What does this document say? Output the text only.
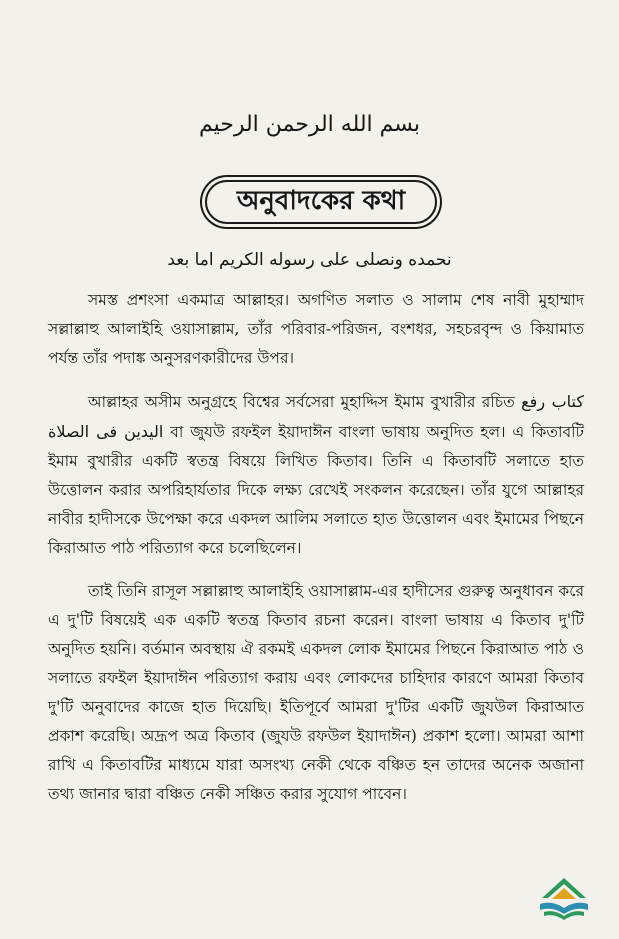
بسم الله الرحمن الرحيم
অনুবাদকের কথা
نحمده ونصلى على رسوله الكريم اما بعد

সমস্ত প্রশংসা একমাত্র আল্লাহর। অগণিত সলাত ও সালাম শেষ নাবী মুহাম্মাদ সল্লাল্লাহু আলাইহি ওয়াসাল্লাম, তাঁর পরিবার-পরিজন, বংশধর, সহচরবৃন্দ ও কিয়ামাত পর্যন্ত তাঁর পদাঙ্ক অনুসরণকারীদের উপর।

আল্লাহর অসীম অনুগ্রহে বিশ্বের সর্বসেরা মুহাদ্দিস ইমাম বুখারীর রচিত كتاب رفع اليدين فى الصلاة বা জুযউ রফইল ইয়াদাঈন বাংলা ভাষায় অনুদিত হল। এ কিতাবটি ইমাম বুখারীর একটি স্বতন্ত্র বিষয়ে লিখিত কিতাব। তিনি এ কিতাবটি সলাতে হাত উত্তোলন করার অপরিহার্যতার দিকে লক্ষ্য রেখেই সংকলন করেছেন। তাঁর যুগে আল্লাহর নাবীর হাদীসকে উপেক্ষা করে একদল আলিম সলাতে হাত উত্তোলন এবং ইমামের পিছনে কিরাআত পাঠ পরিত্যাগ করে চলেছিলেন।

তাই তিনি রাসূল সল্লাল্লাহু আলাইহি ওয়াসাল্লাম-এর হাদীসের গুরুত্ব অনুধাবন করে এ দু'টি বিষয়েই এক একটি স্বতন্ত্র কিতাব রচনা করেন। বাংলা ভাষায় এ কিতাব দু'টি অনুদিত হয়নি। বর্তমান অবস্থায় ঐ রকমই একদল লোক ইমামের পিছনে কিরাআত পাঠ ও সলাতে রফইল ইয়াদাঈন পরিত্যাগ করায় এবং লোকদের চাহিদার কারণে আমরা কিতাব দু'টি অনুবাদের কাজে হাত দিয়েছি। ইতিপূর্বে আমরা দু'টির একটি জুযউল কিরাআত প্রকাশ করেছি। অদ্রূপ অত্র কিতাব (জুযউ রফউল ইয়াদাঈন) প্রকাশ হলো। আমরা আশা রাখি এ কিতাবটির মাধ্যমে যারা অসংখ্য নেকী থেকে বঞ্চিত হন তাদের অনেক অজানা তথ্য জানার দ্বারা বঞ্চিত নেকী সঞ্চিত করার সুযোগ পাবেন।
